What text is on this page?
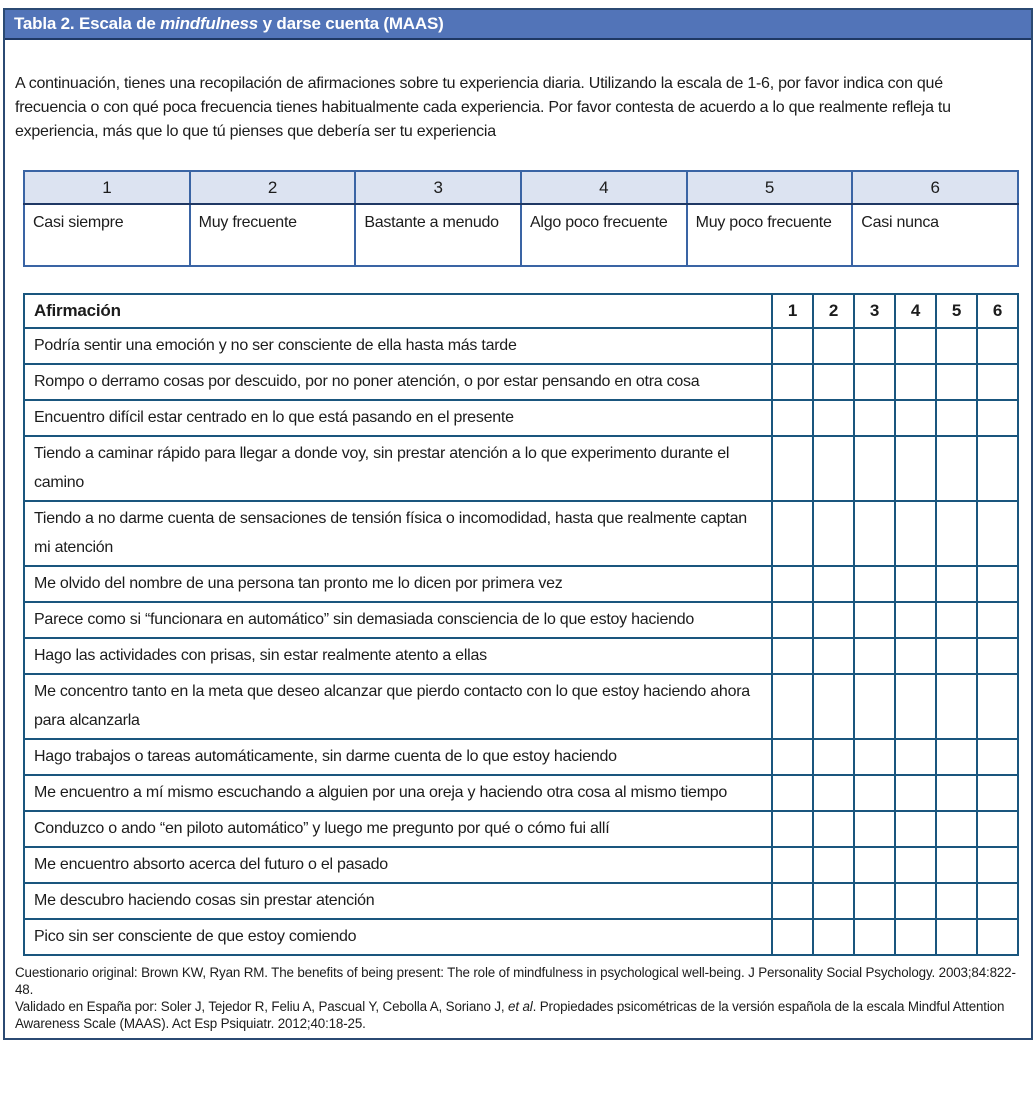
Tabla 2. Escala de mindfulness y darse cuenta (MAAS)

A continuación, tienes una recopilación de afirmaciones sobre tu experiencia diaria. Utilizando la escala de 1-6, por favor indica con qué frecuencia o con qué poca frecuencia tienes habitualmente cada experiencia. Por favor contesta de acuerdo a lo que realmente refleja tu experiencia, más que lo que tú pienses que debería ser tu experiencia

1	2	3	4	5	6
Casi siempre	Muy frecuente	Bastante a menudo	Algo poco frecuente	Muy poco frecuente	Casi nunca
Afirmación	1	2	3	4	5	6
Podría sentir una emoción y no ser consciente de ella hasta más tarde						
Rompo o derramo cosas por descuido, por no poner atención, o por estar pensando en otra cosa						
Encuentro difícil estar centrado en lo que está pasando en el presente						
Tiendo a caminar rápido para llegar a donde voy, sin prestar atención a lo que experimento durante el camino						
Tiendo a no darme cuenta de sensaciones de tensión física o incomodidad, hasta que realmente captan mi atención						
Me olvido del nombre de una persona tan pronto me lo dicen por primera vez						
Parece como si “funcionara en automático” sin demasiada consciencia de lo que estoy haciendo						
Hago las actividades con prisas, sin estar realmente atento a ellas						
Me concentro tanto en la meta que deseo alcanzar que pierdo contacto con lo que estoy haciendo ahora para alcanzarla						
Hago trabajos o tareas automáticamente, sin darme cuenta de lo que estoy haciendo						
Me encuentro a mí mismo escuchando a alguien por una oreja y haciendo otra cosa al mismo tiempo						
Conduzco o ando “en piloto automático” y luego me pregunto por qué o cómo fui allí						
Me encuentro absorto acerca del futuro o el pasado						
Me descubro haciendo cosas sin prestar atención						
Pico sin ser consciente de que estoy comiendo						

Cuestionario original: Brown KW, Ryan RM. The benefits of being present: The role of mindfulness in psychological well-being. J Personality Social Psychology. 2003;84:822-48.

Validado en España por: Soler J, Tejedor R, Feliu A, Pascual Y, Cebolla A, Soriano J, et al. Propiedades psicométricas de la versión española de la escala Mindful Attention Awareness Scale (MAAS). Act Esp Psiquiatr. 2012;40:18-25.
